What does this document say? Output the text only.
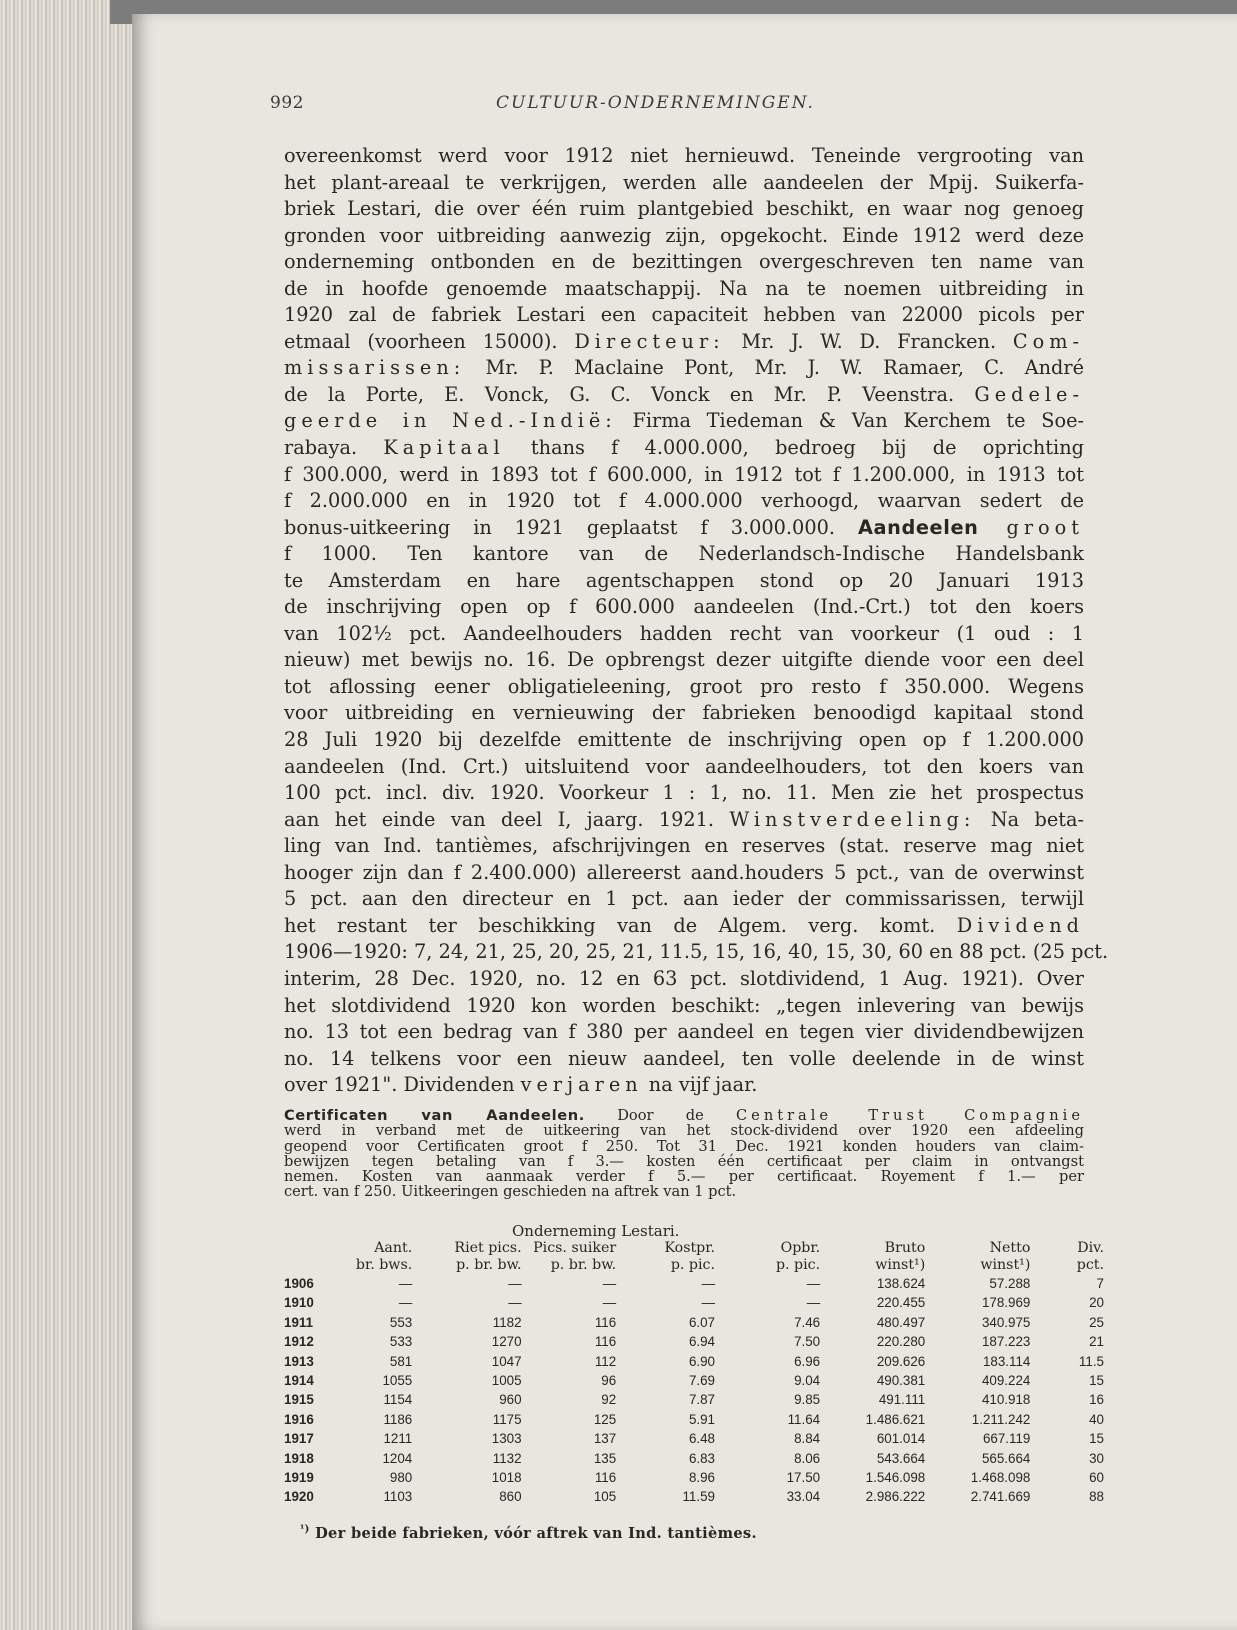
992	CULTUUR-ONDERNEMINGEN.
overeenkomst werd voor 1912 niet hernieuwd. Teneinde vergrooting van
het plant-areaal te verkrijgen, werden alle aandeelen der Mpij. Suikerfa-
briek Lestari, die over één ruim plantgebied beschikt, en waar nog genoeg
gronden voor uitbreiding aanwezig zijn, opgekocht. Einde 1912 werd deze
onderneming ontbonden en de bezittingen overgeschreven ten name van
de in hoofde genoemde maatschappij. Na na te noemen uitbreiding in
1920 zal de fabriek Lestari een capaciteit hebben van 22000 picols per
etmaal (voorheen 15000). Directeur: Mr. J. W. D. Francken. Com-
missarissen: Mr. P. Maclaine Pont, Mr. J. W. Ramaer, C. André
de la Porte, E. Vonck, G. C. Vonck en Mr. P. Veenstra. Gedele-
geerde in Ned.-Indië: Firma Tiedeman & Van Kerchem te Soe-
rabaya. Kapitaal thans f 4.000.000, bedroeg bij de oprichting
f 300.000, werd in 1893 tot f 600.000, in 1912 tot f 1.200.000, in 1913 tot
f 2.000.000 en in 1920 tot f 4.000.000 verhoogd, waarvan sedert de
bonus-uitkeering in 1921 geplaatst f 3.000.000. Aandeelen groot
f 1000. Ten kantore van de Nederlandsch-Indische Handelsbank
te Amsterdam en hare agentschappen stond op 20 Januari 1913
de inschrijving open op f 600.000 aandeelen (Ind.-Crt.) tot den koers
van 102½ pct. Aandeelhouders hadden recht van voorkeur (1 oud : 1
nieuw) met bewijs no. 16. De opbrengst dezer uitgifte diende voor een deel
tot aflossing eener obligatieleening, groot pro resto f 350.000. Wegens
voor uitbreiding en vernieuwing der fabrieken benoodigd kapitaal stond
28 Juli 1920 bij dezelfde emittente de inschrijving open op f 1.200.000
aandeelen (Ind. Crt.) uitsluitend voor aandeelhouders, tot den koers van
100 pct. incl. div. 1920. Voorkeur 1 : 1, no. 11. Men zie het prospectus
aan het einde van deel I, jaarg. 1921. Winstverdeeling: Na beta-
ling van Ind. tantièmes, afschrijvingen en reserves (stat. reserve mag niet
hooger zijn dan f 2.400.000) allereerst aand.houders 5 pct., van de overwinst
5 pct. aan den directeur en 1 pct. aan ieder der commissarissen, terwijl
het restant ter beschikking van de Algem. verg. komt. Dividend
1906—1920: 7, 24, 21, 25, 20, 25, 21, 11.5, 15, 16, 40, 15, 30, 60 en 88 pct. (25 pct.
interim, 28 Dec. 1920, no. 12 en 63 pct. slotdividend, 1 Aug. 1921). Over
het slotdividend 1920 kon worden beschikt: „tegen inlevering van bewijs
no. 13 tot een bedrag van f 380 per aandeel en tegen vier dividendbewijzen
no. 14 telkens voor een nieuw aandeel, ten volle deelende in de winst
over 1921". Dividenden verjaren na vijf jaar.
Certificaten van Aandeelen. Door de Centrale Trust Compagnie
werd in verband met de uitkeering van het stock-dividend over 1920 een afdeeling
geopend voor Certificaten groot f 250. Tot 31 Dec. 1921 konden houders van claim-
bewijzen tegen betaling van f 3.— kosten één certificaat per claim in ontvangst
nemen. Kosten van aanmaak verder f 5.— per certificaat. Royement f 1.— per
cert. van f 250. Uitkeeringen geschieden na aftrek van 1 pct.
Onderneming Lestari.
	Aant.	Riet pics.	Pics. suiker	Kostpr.	Opbr.	Bruto	Netto	Div.
	br. bws.	p. br. bw.	p. br. bw.	p. pic.	p. pic.	winst¹)	winst¹)	pct.
1906	—	—	—	—	—	138.624	57.288	7
1910	—	—	—	—	—	220.455	178.969	20
1911	553	1182	116	6.07	7.46	480.497	340.975	25
1912	533	1270	116	6.94	7.50	220.280	187.223	21
1913	581	1047	112	6.90	6.96	209.626	183.114	11.5
1914	1055	1005	96	7.69	9.04	490.381	409.224	15
1915	1154	960	92	7.87	9.85	491.111	410.918	16
1916	1186	1175	125	5.91	11.64	1.486.621	1.211.242	40
1917	1211	1303	137	6.48	8.84	601.014	667.119	15
1918	1204	1132	135	6.83	8.06	543.664	565.664	30
1919	980	1018	116	8.96	17.50	1.546.098	1.468.098	60
1920	1103	860	105	11.59	33.04	2.986.222	2.741.669	88
$^{^1)}$ Der beide fabrieken, vóór aftrek van Ind. tantièmes.
